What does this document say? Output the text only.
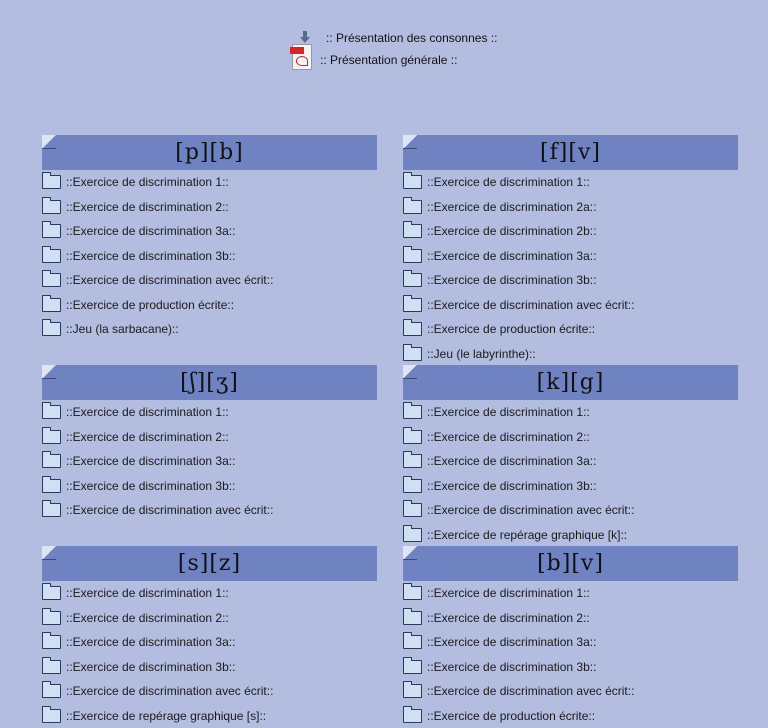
:: Présentation des consonnes ::
:: Présentation générale ::
[p][b]
::Exercice de discrimination 1::
::Exercice de discrimination 2::
::Exercice de discrimination 3a::
::Exercice de discrimination 3b::
::Exercice de discrimination avec écrit::
::Exercice de production écrite::
::Jeu (la sarbacane)::
[f][v]
::Exercice de discrimination 1::
::Exercice de discrimination 2a::
::Exercice de discrimination 2b::
::Exercice de discrimination 3a::
::Exercice de discrimination 3b::
::Exercice de discrimination avec écrit::
::Exercice de production écrite::
::Jeu (le labyrinthe)::
[ʃ][ʒ]
::Exercice de discrimination 1::
::Exercice de discrimination 2::
::Exercice de discrimination 3a::
::Exercice de discrimination 3b::
::Exercice de discrimination avec écrit::
[k][g]
::Exercice de discrimination 1::
::Exercice de discrimination 2::
::Exercice de discrimination 3a::
::Exercice de discrimination 3b::
::Exercice de discrimination avec écrit::
::Exercice de repérage graphique [k]::
[s][z]
::Exercice de discrimination 1::
::Exercice de discrimination 2::
::Exercice de discrimination 3a::
::Exercice de discrimination 3b::
::Exercice de discrimination avec écrit::
::Exercice de repérage graphique [s]::
[b][v]
::Exercice de discrimination 1::
::Exercice de discrimination 2::
::Exercice de discrimination 3a::
::Exercice de discrimination 3b::
::Exercice de discrimination avec écrit::
::Exercice de production écrite::
